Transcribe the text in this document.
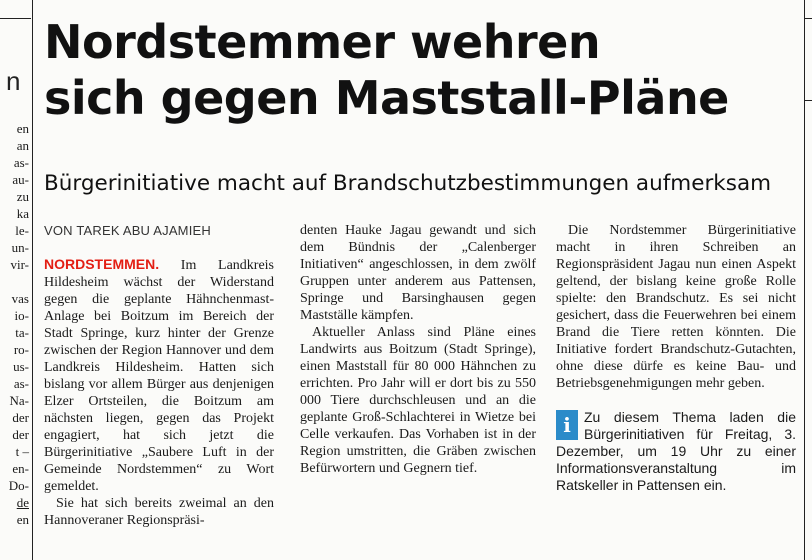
n
en
an
as-
au-
zu
ka
le-
un-
vir-
vas
io-
ta-
ro-
us-
as-
Na-
der
der
t –
en-
Do-
de
en
Nordstemmer wehren
sich gegen Maststall-Pläne
Bürgerinitiative macht auf Brandschutzbestimmungen aufmerksam

VON TAREK ABU AJAMIEH

NORDSTEMMEN. Im Landkreis Hildesheim wächst der Widerstand gegen die geplante Hähnchenmast-Anlage bei Boitzum im Bereich der Stadt Springe, kurz hinter der Grenze zwischen der Region Hannover und dem Landkreis Hildesheim. Hatten sich bislang vor allem Bürger aus denjenigen Elzer Ortsteilen, die Boitzum am nächsten liegen, gegen das Projekt engagiert, hat sich jetzt die Bürgerinitiative „Saubere Luft in der Gemeinde Nordstemmen“ zu Wort gemeldet.

Sie hat sich bereits zweimal an den Hannoveraner Regionspräsi-

denten Hauke Jagau gewandt und sich dem Bündnis der „Calenberger Initiativen“ angeschlossen, in dem zwölf Gruppen unter anderem aus Pattensen, Springe und Barsinghausen gegen Mastställe kämpfen.

Aktueller Anlass sind Pläne eines Landwirts aus Boitzum (Stadt Springe), einen Maststall für 80 000 Hähnchen zu errichten. Pro Jahr will er dort bis zu 550 000 Tiere durchschleusen und an die geplante Groß-Schlachterei in Wietze bei Celle verkaufen. Das Vorhaben ist in der Region umstritten, die Gräben zwischen Befürwortern und Gegnern tief.

Die Nordstemmer Bürgerinitiative macht in ihren Schreiben an Regionspräsident Jagau nun einen Aspekt geltend, der bislang keine große Rolle spielte: den Brandschutz. Es sei nicht gesichert, dass die Feuerwehren bei einem Brand die Tiere retten könnten. Die Initiative fordert Brandschutz-Gutachten, ohne diese dürfe es keine Bau- und Betriebsgenehmigungen mehr geben.

i Zu diesem Thema laden die Bürgerinitiativen für Freitag, 3. Dezember, um 19 Uhr zu einer Informationsveranstaltung im Ratskeller in Pattensen ein.
